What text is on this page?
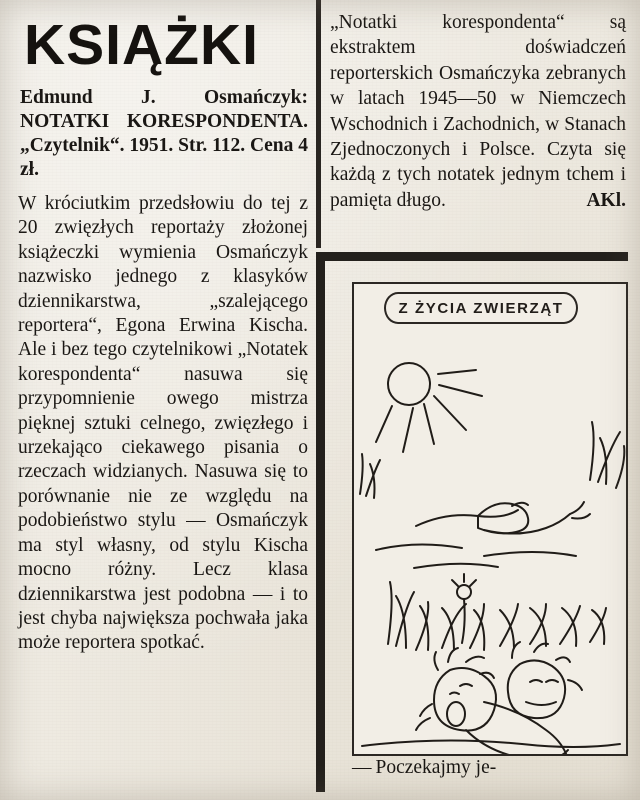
KSIĄŻKI

Edmund J. Osmańczyk: NOTATKI KORESPONDENTA. „Czytelnik“. 1951. Str. 112. Cena 4 zł.

W króciutkim przedsłowiu do tej z 20 zwięzłych reportaży złożonej książeczki wymienia Osmańczyk nazwisko jednego z klasyków dziennikarstwa, „szalejącego reportera“, Egona Erwina Kischa. Ale i bez tego czytelnikowi „Notatek korespondenta“ nasuwa się przypomnienie owego mistrza pięknej sztuki celnego, zwięzłego i urzekająco ciekawego pisania o rzeczach widzianych. Nasuwa się to porównanie nie ze względu na podobieństwo stylu — Osmańczyk ma styl własny, od stylu Kischa mocno różny. Lecz klasa dziennikarstwa jest podobna — i to jest chyba największa pochwała jaka może reportera spotkać.

„Notatki korespondenta“ są ekstraktem doświadczeń reporterskich Osmańczyka zebranych w latach 1945—50 w Niemczech Wschodnich i Zachodnich, w Stanach Zjednoczonych i Polsce. Czyta się każdą z tych notatek jednym tchem i pamięta długo.	AKl.

Z ŻYCIA ZWIERZĄT
— Poczekajmy je-
